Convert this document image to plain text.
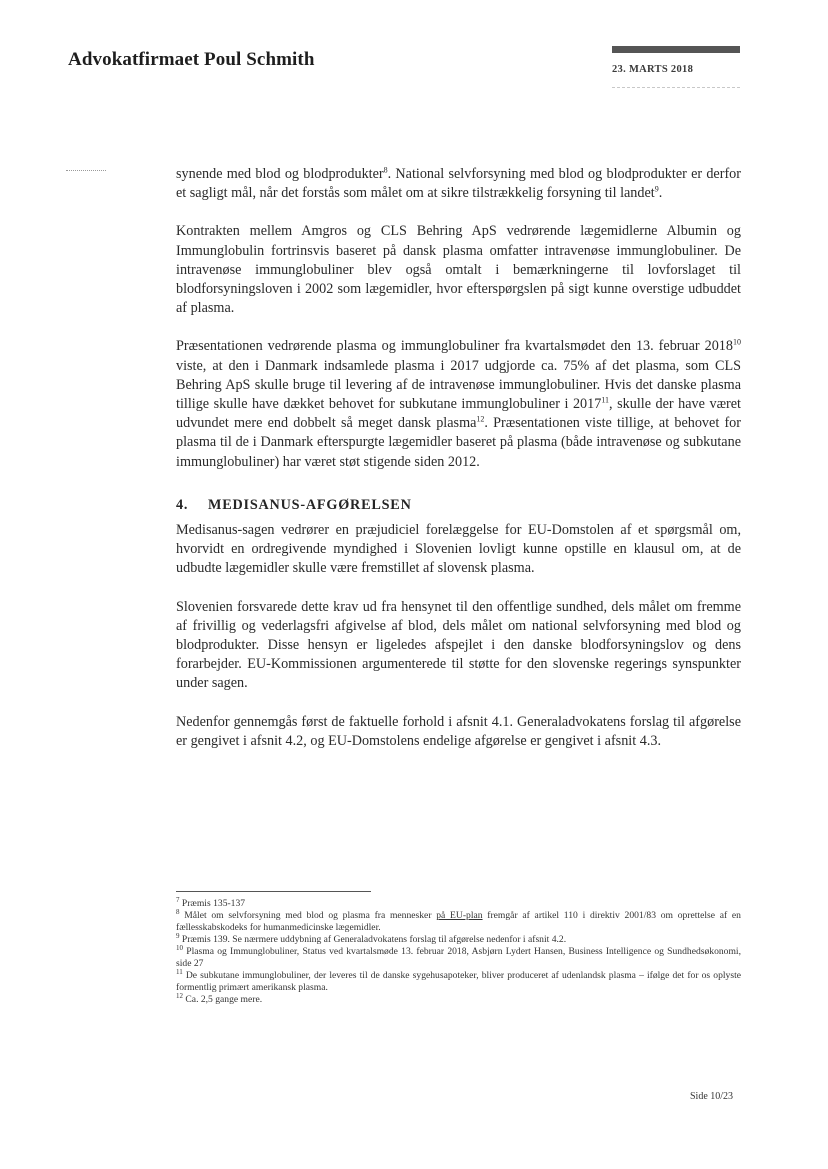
Advokatfirmaet Poul Schmith	23. MARTS 2018

synende med blod og blodprodukter$^8$. National selvforsyning med blod og blodprodukter er derfor et sagligt mål, når det forstås som målet om at sikre tilstrækkelig forsyning til landet$^9$.

Kontrakten mellem Amgros og CLS Behring ApS vedrørende lægemidlerne Albumin og Immunglobulin fortrinsvis baseret på dansk plasma omfatter intravenøse immunglobuliner. De intravenøse immunglobuliner blev også omtalt i bemærkningerne til lovforslaget til blodforsyningsloven i 2002 som lægemidler, hvor efterspørgslen på sigt kunne overstige udbuddet af plasma.

Præsentationen vedrørende plasma og immunglobuliner fra kvartalsmødet den 13. februar 2018$^{10}$ viste, at den i Danmark indsamlede plasma i 2017 udgjorde ca. 75% af det plasma, som CLS Behring ApS skulle bruge til levering af de intravenøse immunglobuliner. Hvis det danske plasma tillige skulle have dækket behovet for subkutane immunglobuliner i 2017$^{11}$, skulle der have været udvundet mere end dobbelt så meget dansk plasma$^{12}$. Præsentationen viste tillige, at behovet for plasma til de i Danmark efterspurgte lægemidler baseret på plasma (både intravenøse og subkutane immunglobuliner) har været støt stigende siden 2012.

4. MEDISANUS-AFGØRELSEN

Medisanus-sagen vedrører en præjudiciel forelæggelse for EU-Domstolen af et spørgsmål om, hvorvidt en ordregivende myndighed i Slovenien lovligt kunne opstille en klausul om, at de udbudte lægemidler skulle være fremstillet af slovensk plasma.

Slovenien forsvarede dette krav ud fra hensynet til den offentlige sundhed, dels målet om fremme af frivillig og vederlagsfri afgivelse af blod, dels målet om national selvforsyning med blod og blodprodukter. Disse hensyn er ligeledes afspejlet i den danske blodforsyningslov og dens forarbejder. EU-Kommissionen argumenterede til støtte for den slovenske regerings synspunkter under sagen.

Nedenfor gennemgås først de faktuelle forhold i afsnit 4.1. Generaladvokatens forslag til afgørelse er gengivet i afsnit 4.2, og EU-Domstolens endelige afgørelse er gengivet i afsnit 4.3.

$^7$ Præmis 135-137

$^8$ Målet om selvforsyning med blod og plasma fra mennesker på EU-plan fremgår af artikel 110 i direktiv 2001/83 om oprettelse af en fællesskabskodeks for humanmedicinske lægemidler.

$^9$ Præmis 139. Se nærmere uddybning af Generaladvokatens forslag til afgørelse nedenfor i afsnit 4.2.

$^{10}$ Plasma og Immunglobuliner, Status ved kvartalsmøde 13. februar 2018, Asbjørn Lydert Hansen, Business Intelligence og Sundhedsøkonomi, side 27

$^{11}$ De subkutane immunglobuliner, der leveres til de danske sygehusapoteker, bliver produceret af udenlandsk plasma – ifølge det for os oplyste formentlig primært amerikansk plasma.

$^{12}$ Ca. 2,5 gange mere.

Side 10/23
